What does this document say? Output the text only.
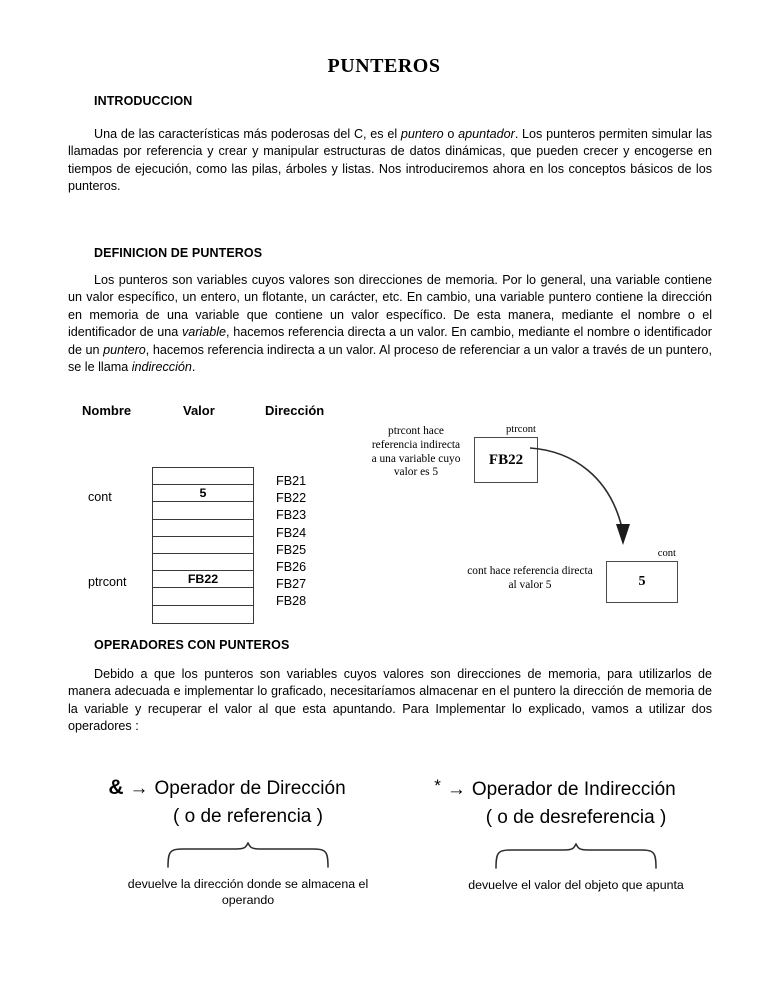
PUNTEROS
INTRODUCCION
Una de las características más poderosas del C, es el puntero o apuntador. Los punteros permiten simular las llamadas por referencia y crear y manipular estructuras de datos dinámicas, que pueden crecer y encogerse en tiempos de ejecución, como las pilas, árboles y listas. Nos introduciremos ahora en los conceptos básicos de los punteros.
DEFINICION DE PUNTEROS
Los punteros son variables cuyos valores son direcciones de memoria. Por lo general, una variable contiene un valor específico, un entero, un flotante, un carácter, etc. En cambio, una variable puntero contiene la dirección en memoria de una variable que contiene un valor específico. De esta manera, mediante el nombre o el identificador de una variable, hacemos referencia directa a un valor. En cambio, mediante el nombre o identificador de un puntero, hacemos referencia indirecta a un valor. Al proceso de referenciar a un valor a través de un puntero, se le llama indirección.
Nombre	Valor	Dirección
cont
ptrcont
5
FB22
FB21
FB22
FB23
FB24
FB25
FB26
FB27
FB28
ptrcont hace referencia indirecta a una variable cuyo valor es 5
ptrcont
FB22
cont hace referencia directa al valor 5
cont
5
OPERADORES CON PUNTEROS
Debido a que los punteros son variables cuyos valores son direcciones de memoria, para utilizarlos de manera adecuada e implementar lo graficado, necesitaríamos almacenar en el puntero la dirección de memoria de la variable y recuperar el valor al que esta apuntando. Para Implementar lo explicado, vamos a utilizar dos operadores :
& → Operador de Dirección
( o de referencia )
devuelve la dirección donde se almacena el operando
* → Operador de Indirección
( o de desreferencia )
devuelve el valor del objeto que apunta
